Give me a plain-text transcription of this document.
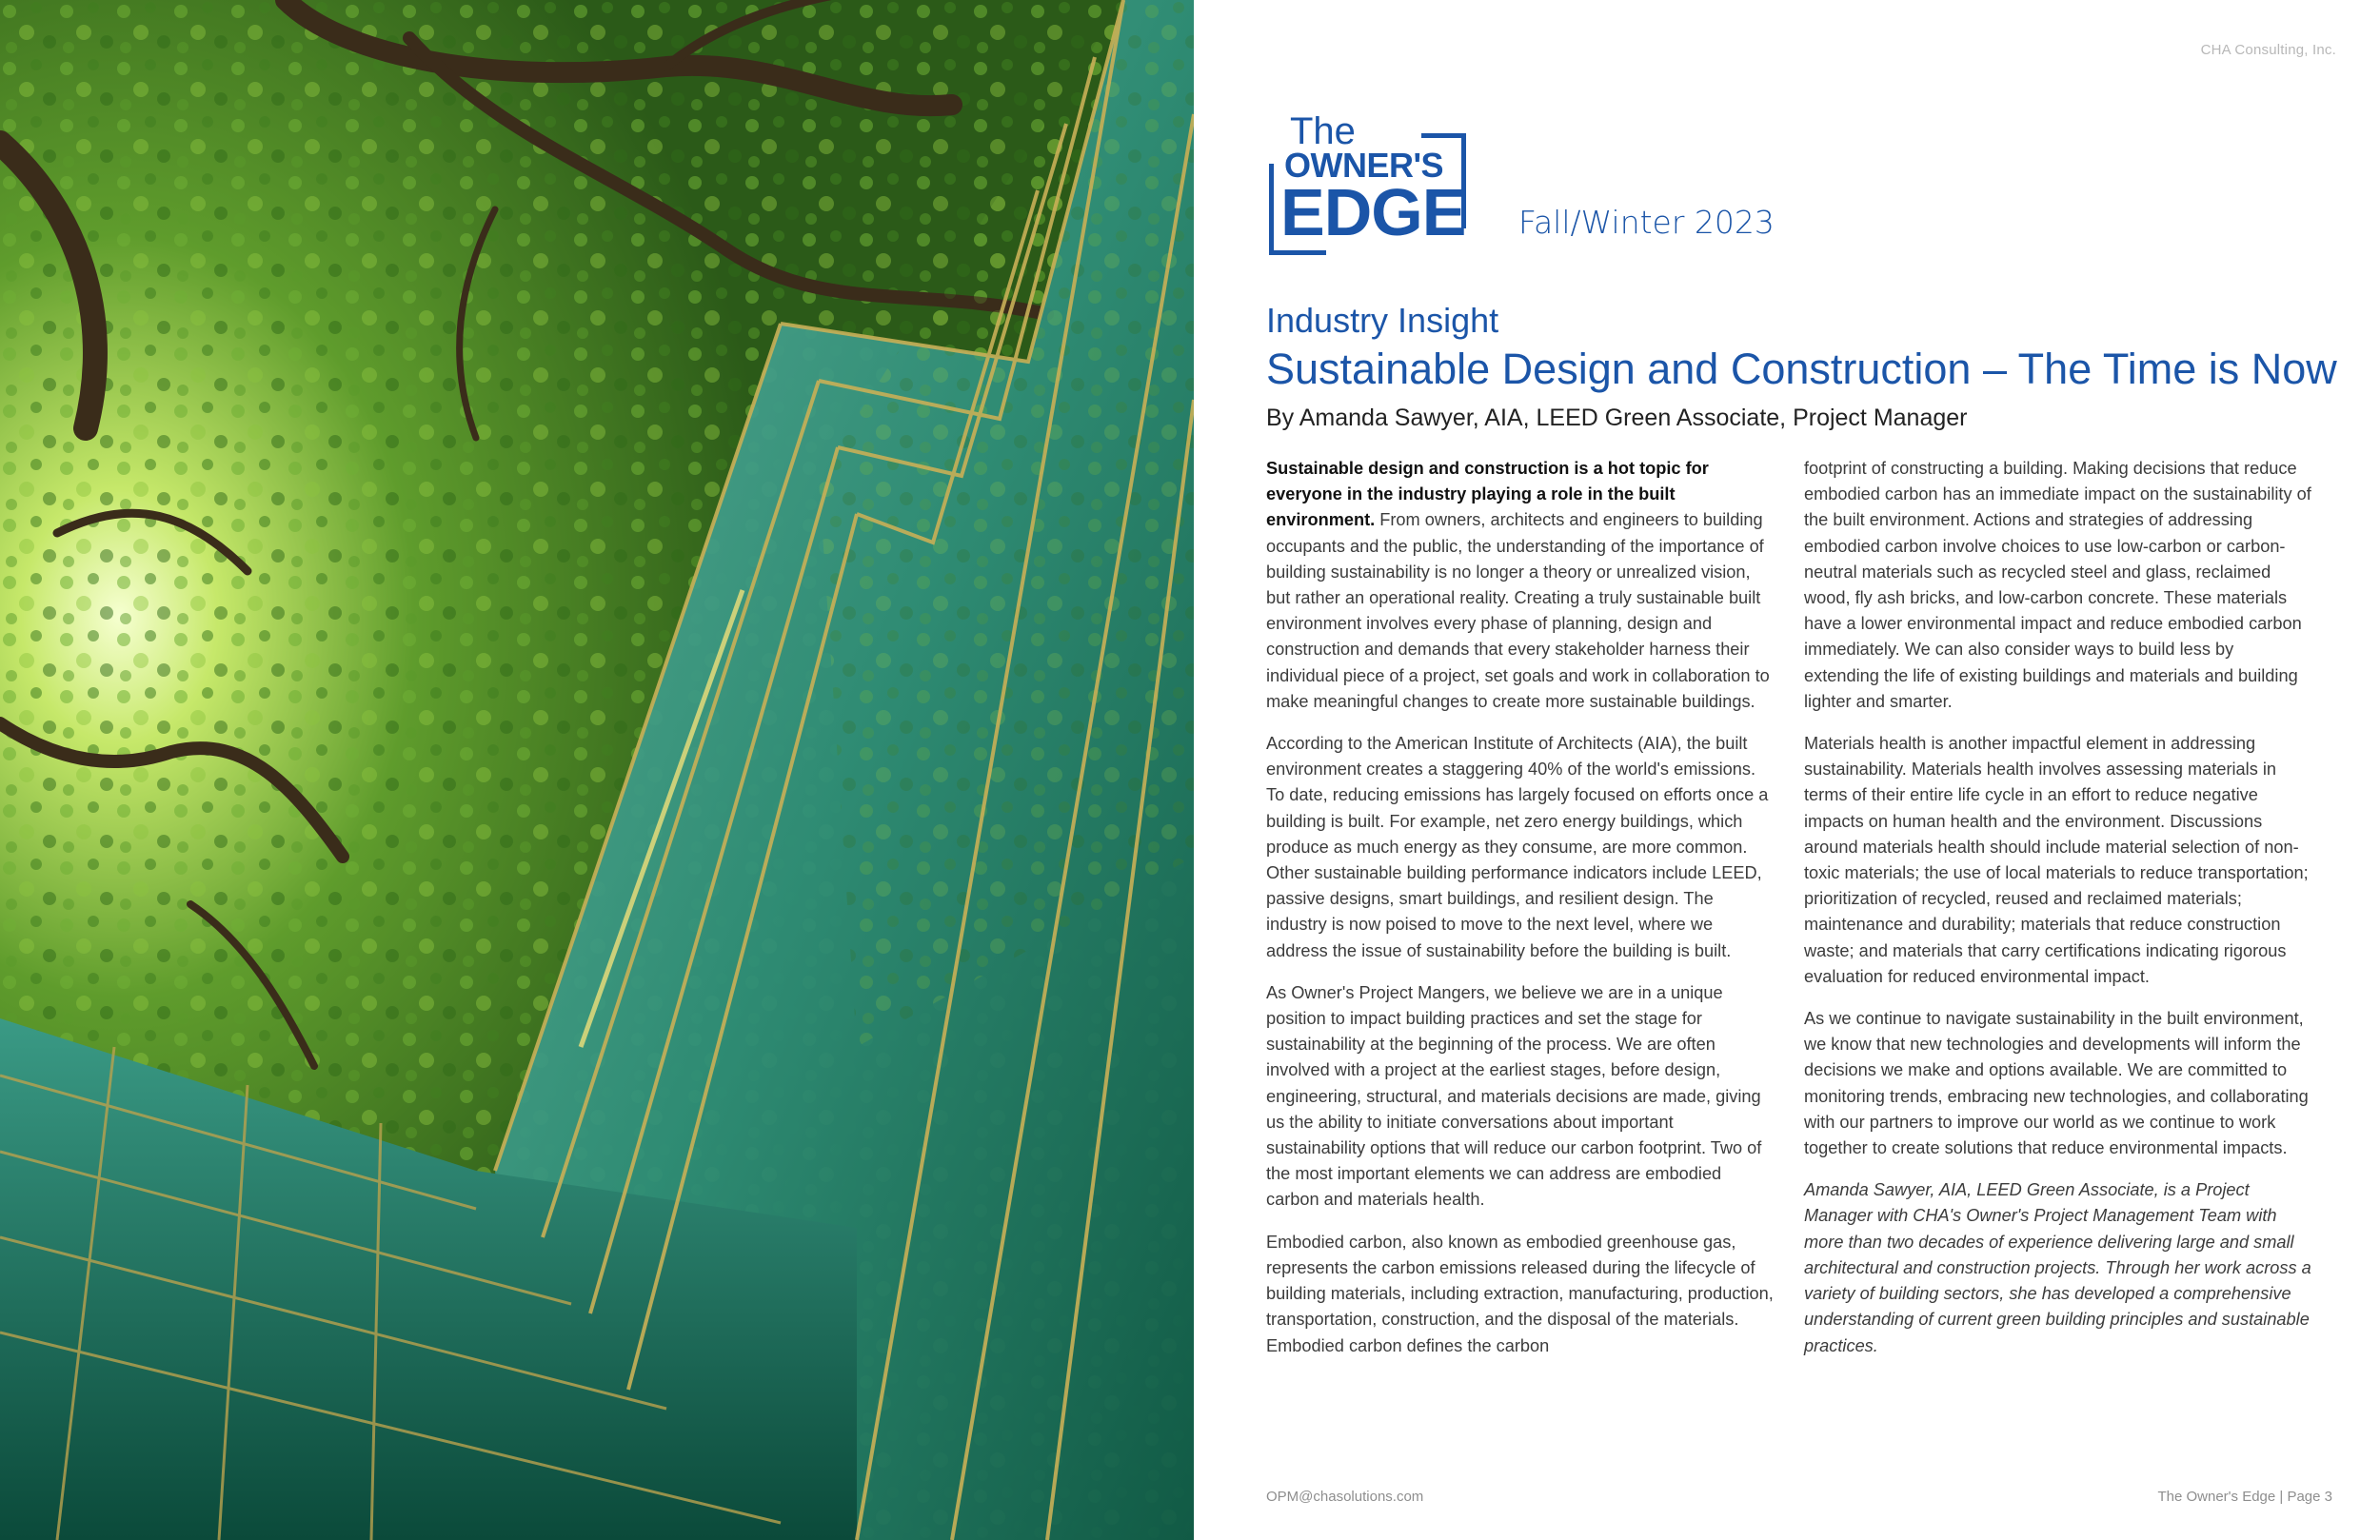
CHA Consulting, Inc.
The
OWNER'S
EDGE Fall/Winter 2023
Industry Insight
Sustainable Design and Construction – The Time is Now
By Amanda Sawyer, AIA, LEED Green Associate, Project Manager

Sustainable design and construction is a hot topic for everyone in the industry playing a role in the built environment. From owners, architects and engineers to building occupants and the public, the understanding of the importance of building sustainability is no longer a theory or unrealized vision, but rather an operational reality. Creating a truly sustainable built environment involves every phase of planning, design and construction and demands that every stakeholder harness their individual piece of a project, set goals and work in collaboration to make meaningful changes to create more sustainable buildings.

According to the American Institute of Architects (AIA), the built environment creates a staggering 40% of the world's emissions. To date, reducing emissions has largely focused on efforts once a building is built. For example, net zero energy buildings, which produce as much energy as they consume, are more common. Other sustainable building performance indicators include LEED, passive designs, smart buildings, and resilient design. The industry is now poised to move to the next level, where we address the issue of sustainability before the building is built.

As Owner's Project Mangers, we believe we are in a unique position to impact building practices and set the stage for sustainability at the beginning of the process. We are often involved with a project at the earliest stages, before design, engineering, structural, and materials decisions are made, giving us the ability to initiate conversations about important sustainability options that will reduce our carbon footprint. Two of the most important elements we can address are embodied carbon and materials health.

Embodied carbon, also known as embodied greenhouse gas, represents the carbon emissions released during the lifecycle of building materials, including extraction, manufacturing, production, transportation, construction, and the disposal of the materials. Embodied carbon defines the carbon

footprint of constructing a building. Making decisions that reduce embodied carbon has an immediate impact on the sustainability of the built environment. Actions and strategies of addressing embodied carbon involve choices to use low-carbon or carbon-neutral materials such as recycled steel and glass, reclaimed wood, fly ash bricks, and low-carbon concrete. These materials have a lower environmental impact and reduce embodied carbon immediately. We can also consider ways to build less by extending the life of existing buildings and materials and building lighter and smarter.

Materials health is another impactful element in addressing sustainability. Materials health involves assessing materials in terms of their entire life cycle in an effort to reduce negative impacts on human health and the environment. Discussions around materials health should include material selection of non-toxic materials; the use of local materials to reduce transportation; prioritization of recycled, reused and reclaimed materials; maintenance and durability; materials that reduce construction waste; and materials that carry certifications indicating rigorous evaluation for reduced environmental impact.

As we continue to navigate sustainability in the built environment, we know that new technologies and developments will inform the decisions we make and options available. We are committed to monitoring trends, embracing new technologies, and collaborating with our partners to improve our world as we continue to work together to create solutions that reduce environmental impacts.

Amanda Sawyer, AIA, LEED Green Associate, is a Project Manager with CHA's Owner's Project Management Team with more than two decades of experience delivering large and small architectural and construction projects. Through her work across a variety of building sectors, she has developed a comprehensive understanding of current green building principles and sustainable practices.

OPM@chasolutions.com	The Owner's Edge | Page 3
